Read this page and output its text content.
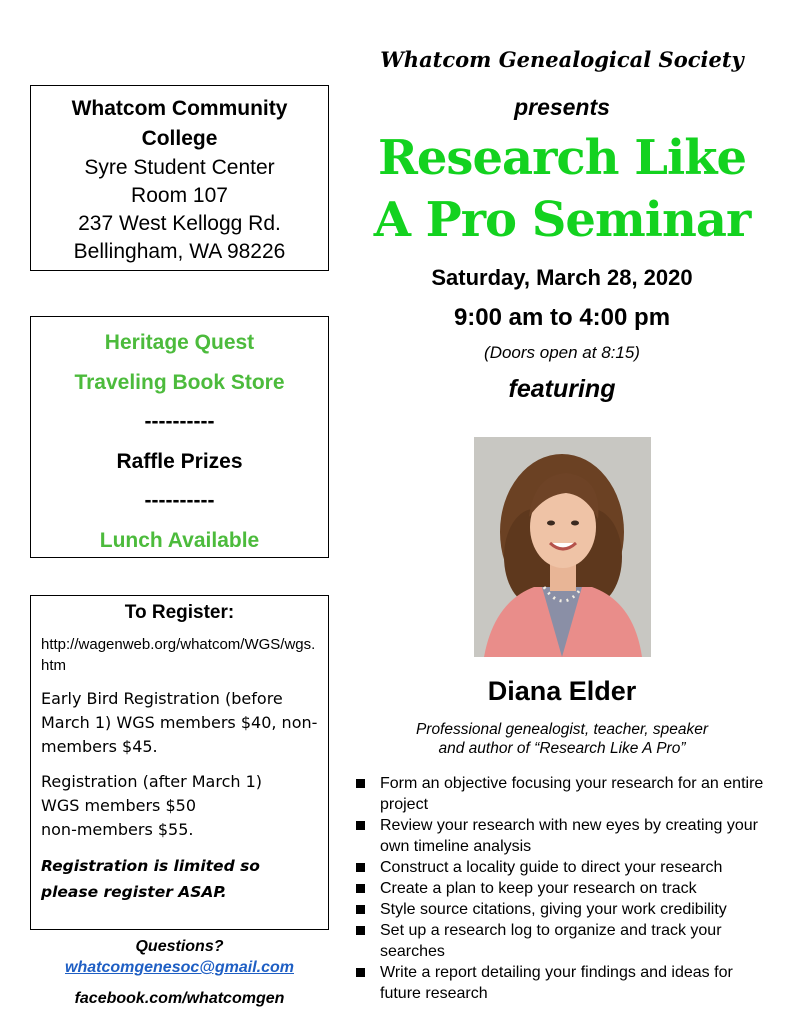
Whatcom Community College
Syre Student Center
Room 107
237 West Kellogg Rd.
Bellingham, WA 98226
Heritage Quest
Traveling Book Store
----------
Raffle Prizes
----------
Lunch Available
To Register:
http://wagenweb.org/whatcom/WGS/wgs.htm
Early Bird Registration (before March 1) WGS members $40, non-members $45.
Registration (after March 1)
WGS members $50
non-members $55.
Registration is limited so please register ASAP.
Questions?
whatcomgenesoc@gmail.com
facebook.com/whatcomgen
Whatcom Genealogical Society
presents
Research Like
A Pro Seminar
Saturday, March 28, 2020
9:00 am to 4:00 pm
(Doors open at 8:15)
featuring
Diana Elder
Professional genealogist, teacher, speaker
and author of “Research Like A Pro”
Form an objective focusing your research for an entire project
Review your research with new eyes by creating your own timeline analysis
Construct a locality guide to direct your research
Create a plan to keep your research on track
Style source citations, giving your work credibility
Set up a research log to organize and track your searches
Write a report detailing your findings and ideas for future research
